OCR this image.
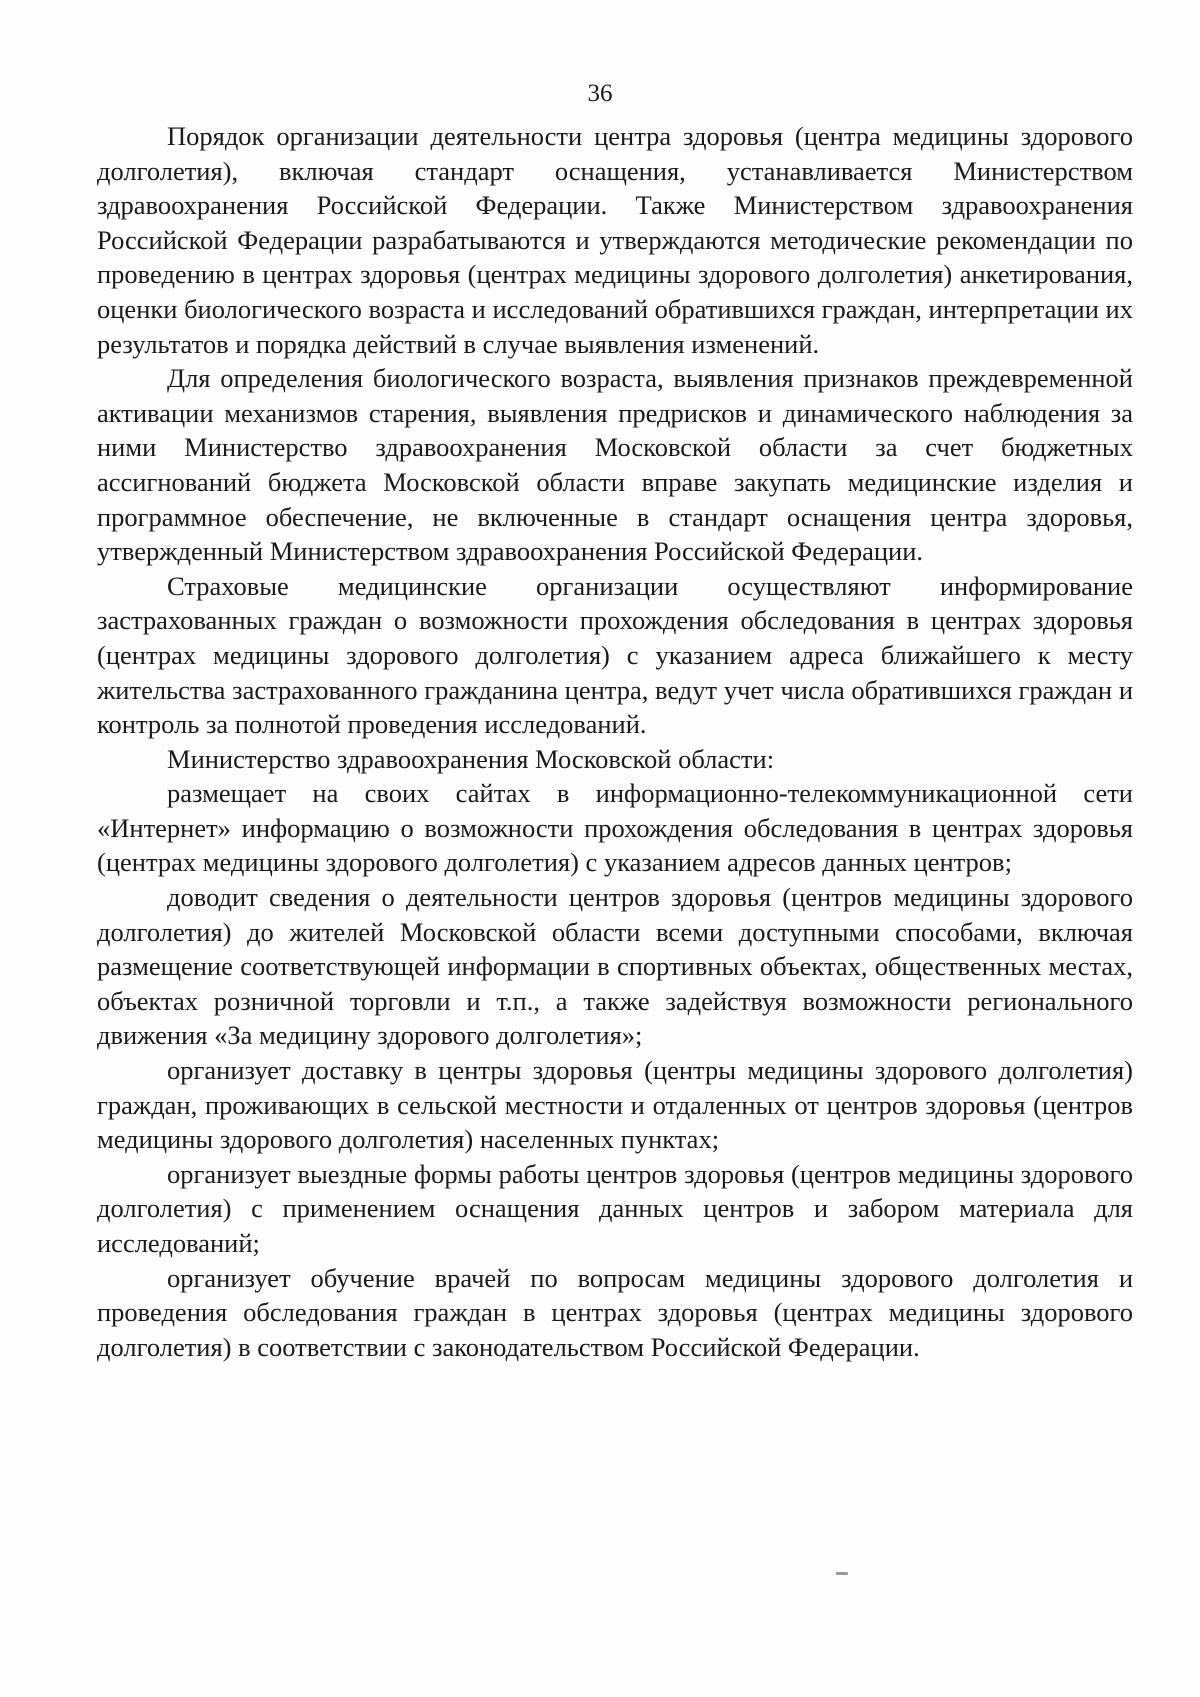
36

Порядок организации деятельности центра здоровья (центра медицины здорового долголетия), включая стандарт оснащения, устанавливается Министерством здравоохранения Российской Федерации. Также Министерством здравоохранения Российской Федерации разрабатываются и утверждаются методические рекомендации по проведению в центрах здоровья (центрах медицины здорового долголетия) анкетирования, оценки биологического возраста и исследований обратившихся граждан, интерпретации их результатов и порядка действий в случае выявления изменений.

Для определения биологического возраста, выявления признаков преждевременной активации механизмов старения, выявления предрисков и динамического наблюдения за ними Министерство здравоохранения Московской области за счет бюджетных ассигнований бюджета Московской области вправе закупать медицинские изделия и программное обеспечение, не включенные в стандарт оснащения центра здоровья, утвержденный Министерством здравоохранения Российской Федерации.

Страховые медицинские организации осуществляют информирование застрахованных граждан о возможности прохождения обследования в центрах здоровья (центрах медицины здорового долголетия) с указанием адреса ближайшего к месту жительства застрахованного гражданина центра, ведут учет числа обратившихся граждан и контроль за полнотой проведения исследований.

Министерство здравоохранения Московской области:

размещает на своих сайтах в информационно-телекоммуникационной сети «Интернет» информацию о возможности прохождения обследования в центрах здоровья (центрах медицины здорового долголетия) с указанием адресов данных центров;

доводит сведения о деятельности центров здоровья (центров медицины здорового долголетия) до жителей Московской области всеми доступными способами, включая размещение соответствующей информации в спортивных объектах, общественных местах, объектах розничной торговли и т.п., а также задействуя возможности регионального движения «За медицину здорового долголетия»;

организует доставку в центры здоровья (центры медицины здорового долголетия) граждан, проживающих в сельской местности и отдаленных от центров здоровья (центров медицины здорового долголетия) населенных пунктах;

организует выездные формы работы центров здоровья (центров медицины здорового долголетия) с применением оснащения данных центров и забором материала для исследований;

организует обучение врачей по вопросам медицины здорового долголетия и проведения обследования граждан в центрах здоровья (центрах медицины здорового долголетия) в соответствии с законодательством Российской Федерации.
